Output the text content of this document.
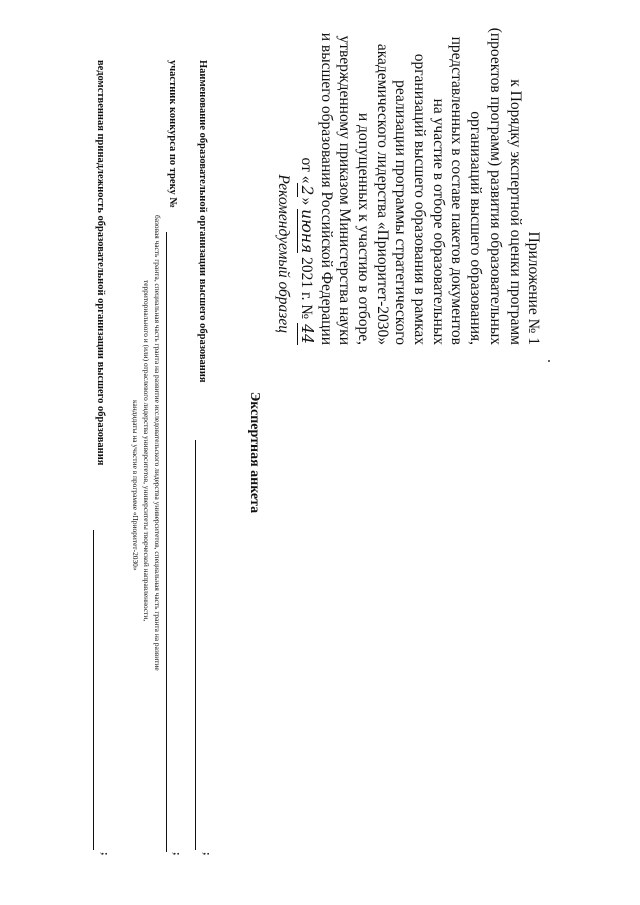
Приложение № 1
к Порядку экспертной оценки программ
(проектов программ) развития образовательных
организаций высшего образования,
представленных в составе пакетов документов
на участие в отборе образовательных
организаций высшего образования в рамках
реализации программы стратегического
академического лидерства «Приоритет-2030»
и допущенных к участию в отборе,
утвержденному приказом Министерства науки
и высшего образования Российской Федерации
от «2» июня 2021 г. № 44
Рекомендуемый образец
Экспертная анкета
Наименование образовательной организации высшего образования
;
участник конкурса по треку №
;
базовая часть гранта, специальная часть гранта на развитие исследовательского лидерства университетов, специальная часть гранта на развитие
территориального и (или) отраслевого лидерства университетов, университеты творческой направленности,
кандидаты на участие в программе «Приоритет-2030»
ведомственная принадлежность образовательной организации высшего образования
;
